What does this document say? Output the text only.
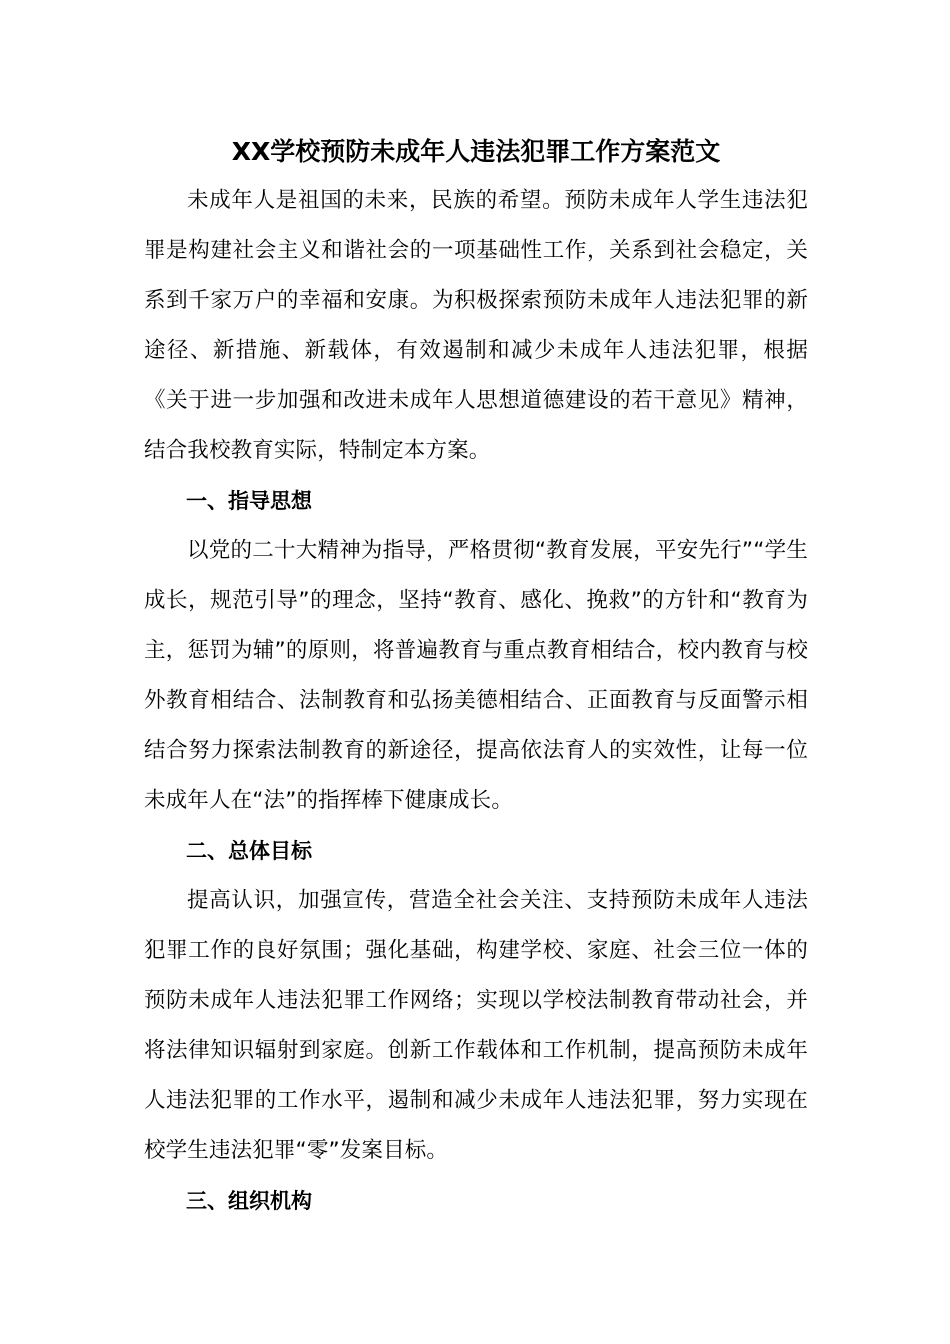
XX学校预防未成年人违法犯罪工作方案范文

未成年人是祖国的未来，民族的希望。预防未成年人学生违法犯罪是构建社会主义和谐社会的一项基础性工作，关系到社会稳定，关系到千家万户的幸福和安康。为积极探索预防未成年人违法犯罪的新途径、新措施、新载体，有效遏制和减少未成年人违法犯罪，根据《关于进一步加强和改进未成年人思想道德建设的若干意见》精神，结合我校教育实际，特制定本方案。

一、指导思想

以党的二十大精神为指导，严格贯彻“教育发展，平安先行”“学生成长，规范引导”的理念，坚持“教育、感化、挽救”的方针和“教育为主，惩罚为辅”的原则，将普遍教育与重点教育相结合，校内教育与校外教育相结合、法制教育和弘扬美德相结合、正面教育与反面警示相结合努力探索法制教育的新途径，提高依法育人的实效性，让每一位未成年人在“法”的指挥棒下健康成长。

二、总体目标

提高认识，加强宣传，营造全社会关注、支持预防未成年人违法犯罪工作的良好氛围；强化基础，构建学校、家庭、社会三位一体的预防未成年人违法犯罪工作网络；实现以学校法制教育带动社会，并将法律知识辐射到家庭。创新工作载体和工作机制，提高预防未成年人违法犯罪的工作水平，遏制和减少未成年人违法犯罪，努力实现在校学生违法犯罪“零”发案目标。

三、组织机构
